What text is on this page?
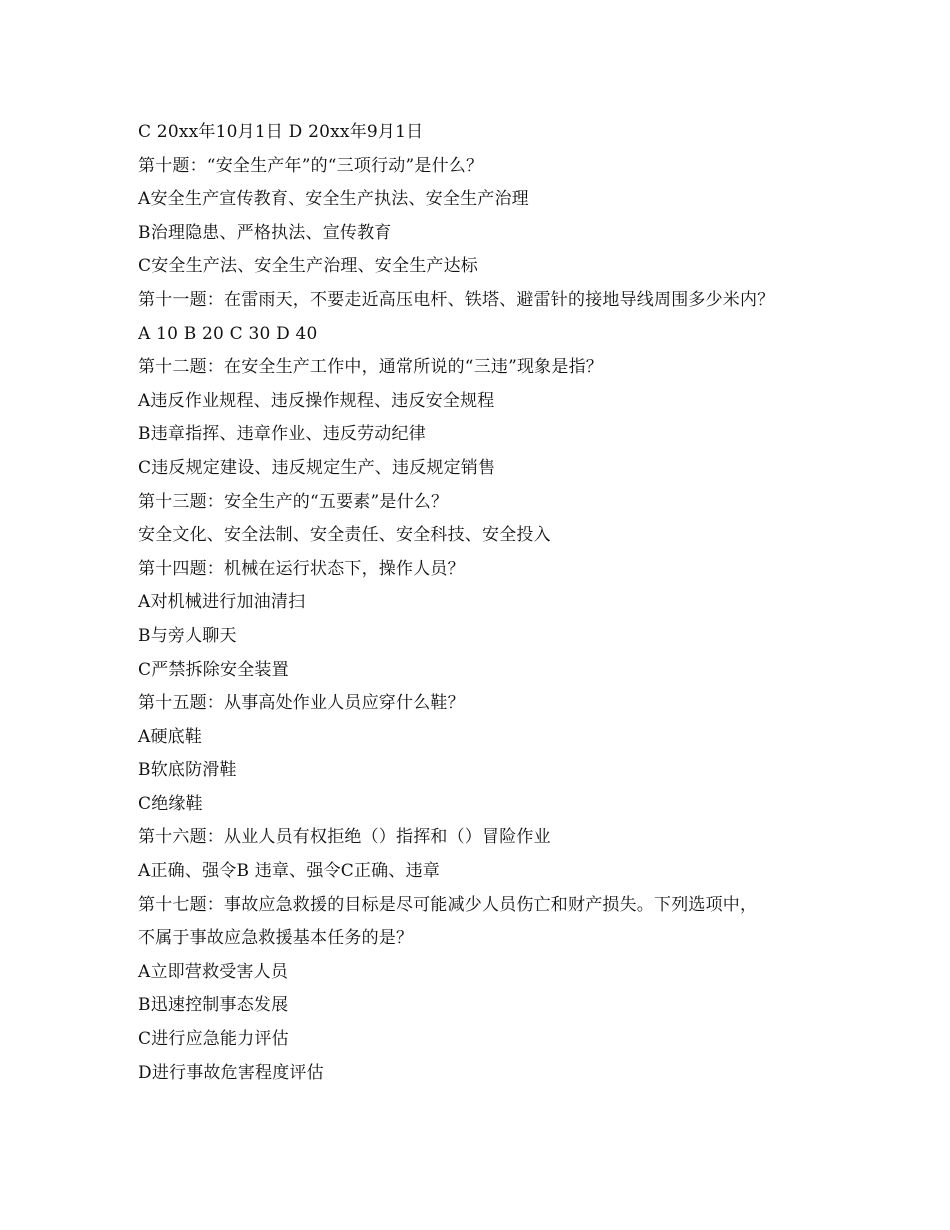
C 20xx年10月1日 D 20xx年9月1日
第十题：“安全生产年”的“三项行动”是什么？
A安全生产宣传教育、安全生产执法、安全生产治理
B治理隐患、严格执法、宣传教育
C安全生产法、安全生产治理、安全生产达标
第十一题：在雷雨天，不要走近高压电杆、铁塔、避雷针的接地导线周围多少米内？
A 10 B 20 C 30 D 40
第十二题：在安全生产工作中，通常所说的“三违”现象是指？
A违反作业规程、违反操作规程、违反安全规程
B违章指挥、违章作业、违反劳动纪律
C违反规定建设、违反规定生产、违反规定销售
第十三题：安全生产的“五要素”是什么？
安全文化、安全法制、安全责任、安全科技、安全投入
第十四题：机械在运行状态下，操作人员？
A对机械进行加油清扫
B与旁人聊天
C严禁拆除安全装置
第十五题：从事高处作业人员应穿什么鞋？
A硬底鞋
B软底防滑鞋
C绝缘鞋
第十六题：从业人员有权拒绝（）指挥和（）冒险作业
A正确、强令B 违章、强令C正确、违章
第十七题：事故应急救援的目标是尽可能减少人员伤亡和财产损失。下列选项中，
不属于事故应急救援基本任务的是？
A立即营救受害人员
B迅速控制事态发展
C进行应急能力评估
D进行事故危害程度评估
